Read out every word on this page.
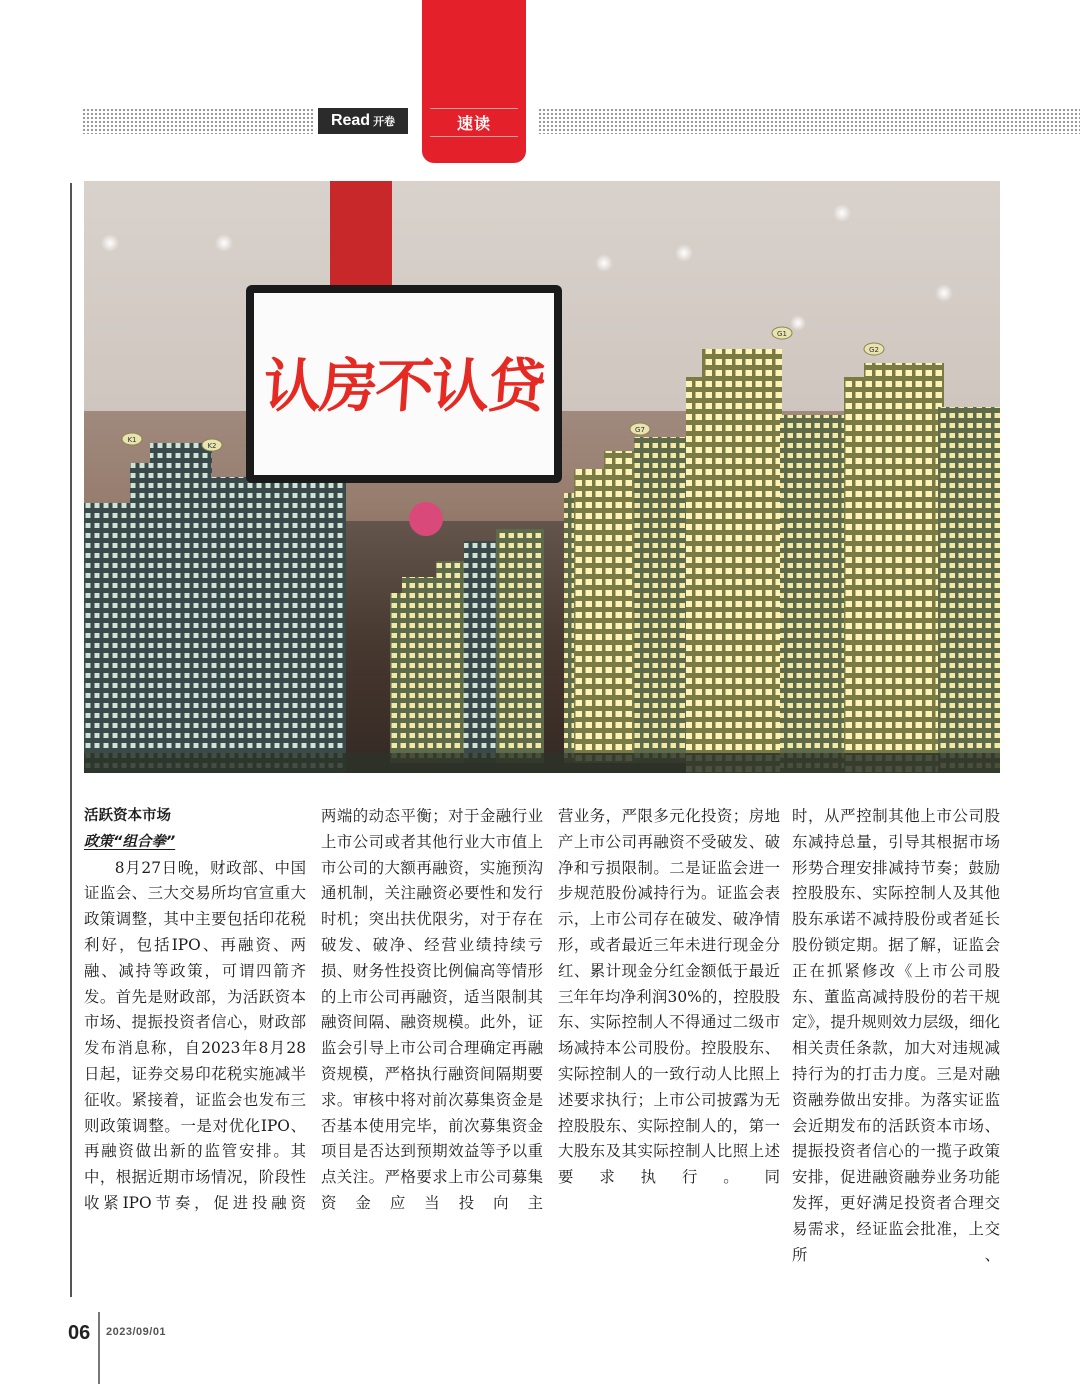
Read 开卷	速读
K1
K2
G7
G1
G2
认房不认贷

活跃资本市场

政策“组合拳”

8月27日晚，财政部、中国证监会、三大交易所均官宣重大政策调整，其中主要包括印花税利好，包括IPO、再融资、两融、减持等政策，可谓四箭齐发。首先是财政部，为活跃资本市场、提振投资者信心，财政部发布消息称，自2023年8月28日起，证券交易印花税实施减半征收。紧接着，证监会也发布三则政策调整。一是对优化IPO、再融资做出新的监管安排。其中，根据近期市场情况，阶段性收紧IPO节奏，促进投融资

两端的动态平衡；对于金融行业上市公司或者其他行业大市值上市公司的大额再融资，实施预沟通机制，关注融资必要性和发行时机；突出扶优限劣，对于存在破发、破净、经营业绩持续亏损、财务性投资比例偏高等情形的上市公司再融资，适当限制其融资间隔、融资规模。此外，证监会引导上市公司合理确定再融资规模，严格执行融资间隔期要求。审核中将对前次募集资金是否基本使用完毕，前次募集资金项目是否达到预期效益等予以重点关注。严格要求上市公司募集资金应当投向主

营业务，严限多元化投资；房地产上市公司再融资不受破发、破净和亏损限制。二是证监会进一步规范股份减持行为。证监会表示，上市公司存在破发、破净情形，或者最近三年未进行现金分红、累计现金分红金额低于最近三年年均净利润30%的，控股股东、实际控制人不得通过二级市场减持本公司股份。控股股东、实际控制人的一致行动人比照上述要求执行；上市公司披露为无控股股东、实际控制人的，第一大股东及其实际控制人比照上述要求执行。同

时，从严控制其他上市公司股东减持总量，引导其根据市场形势合理安排减持节奏；鼓励控股股东、实际控制人及其他股东承诺不减持股份或者延长股份锁定期。据了解，证监会正在抓紧修改《上市公司股东、董监高减持股份的若干规定》，提升规则效力层级，细化相关责任条款，加大对违规减持行为的打击力度。三是对融资融券做出安排。为落实证监会近期发布的活跃资本市场、提振投资者信心的一揽子政策安排，促进融资融券业务功能发挥，更好满足投资者合理交易需求，经证监会批准，上交所、

06 2023/09/01
